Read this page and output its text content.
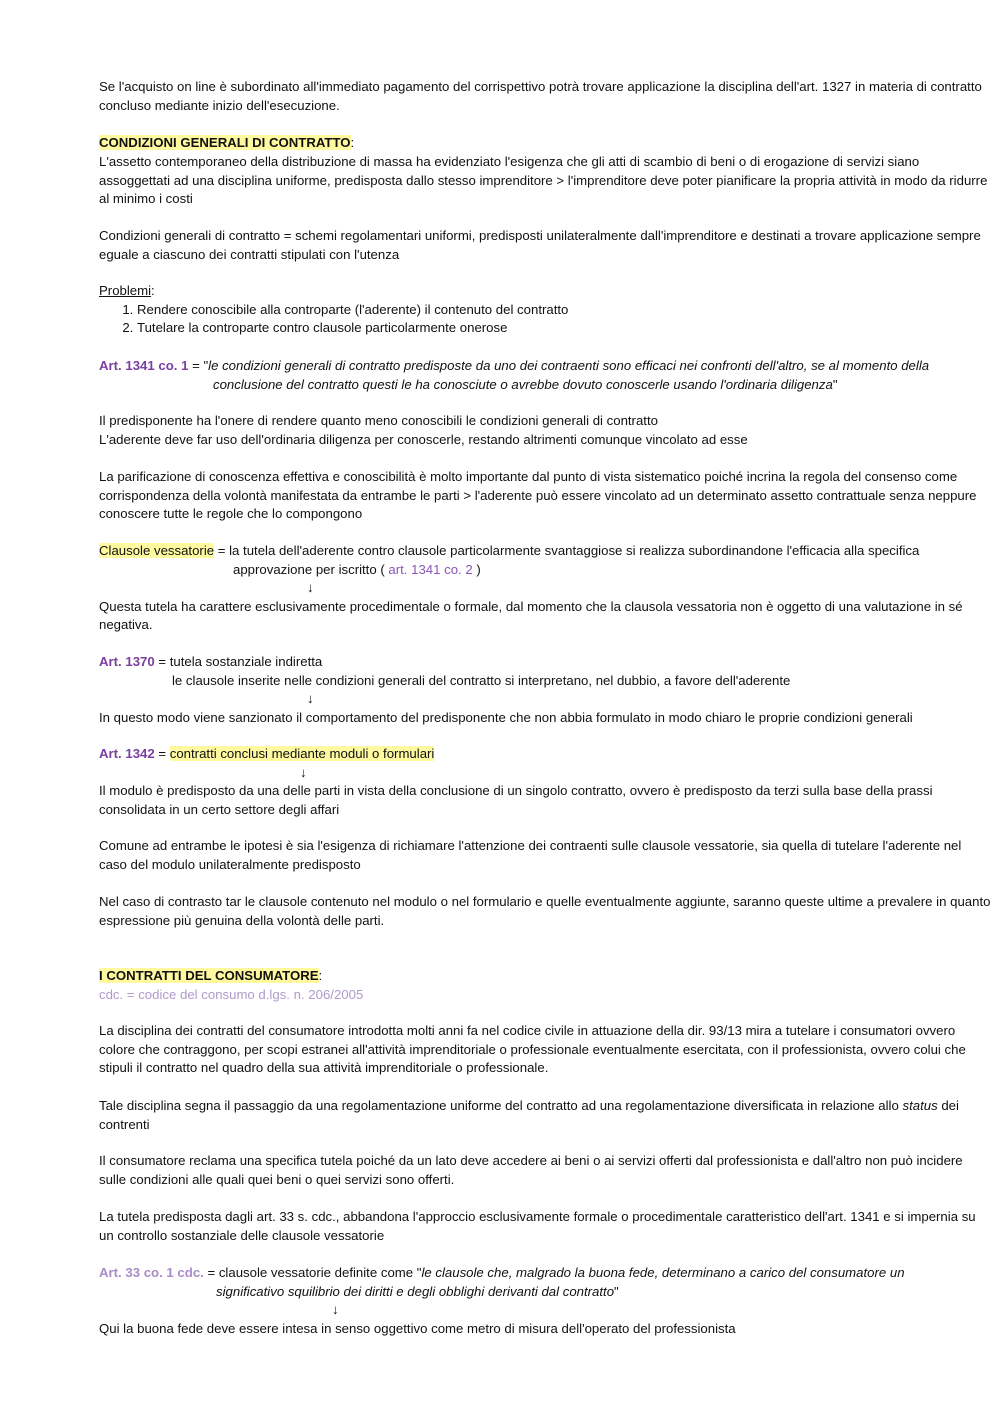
Se l'acquisto on line è subordinato all'immediato pagamento del corrispettivo potrà trovare applicazione la disciplina dell'art. 1327 in materia di contratto concluso mediante inizio dell'esecuzione.

CONDIZIONI GENERALI DI CONTRATTO:

L'assetto contemporaneo della distribuzione di massa ha evidenziato l'esigenza che gli atti di scambio di beni o di erogazione di servizi siano assoggettati ad una disciplina uniforme, predisposta dallo stesso imprenditore > l'imprenditore deve poter pianificare la propria attività in modo da ridurre al minimo i costi

Condizioni generali di contratto = schemi regolamentari uniformi, predisposti unilateralmente dall'imprenditore e destinati a trovare applicazione sempre eguale a ciascuno dei contratti stipulati con l'utenza

Problemi:
1. Rendere conoscibile alla controparte (l'aderente) il contenuto del contratto
2. Tutelare la controparte contro clausole particolarmente onerose
Art. 1341 co. 1 = "le condizioni generali di contratto predisposte da uno dei contraenti sono efficaci nei confronti dell'altro, se al momento della
conclusione del contratto questi le ha conosciute o avrebbe dovuto conoscerle usando l'ordinaria diligenza"
Il predisponente ha l'onere di rendere quanto meno conoscibili le condizioni generali di contratto
L'aderente deve far uso dell'ordinaria diligenza per conoscerle, restando altrimenti comunque vincolato ad esse

La parificazione di conoscenza effettiva e conoscibilità è molto importante dal punto di vista sistematico poiché incrina la regola del consenso come corrispondenza della volontà manifestata da entrambe le parti > l'aderente può essere vincolato ad un determinato assetto contrattuale senza neppure conoscere tutte le regole che lo compongono

Clausole vessatorie = la tutela dell'aderente contro clausole particolarmente svantaggiose si realizza subordinandone l'efficacia alla specifica
approvazione per iscritto ( art. 1341 co. 2 )
↓
Questa tutela ha carattere esclusivamente procedimentale o formale, dal momento che la clausola vessatoria non è oggetto di una valutazione in sé negativa.
Art. 1370 = tutela sostanziale indiretta
le clausole inserite nelle condizioni generali del contratto si interpretano, nel dubbio, a favore dell'aderente
↓
In questo modo viene sanzionato il comportamento del predisponente che non abbia formulato in modo chiaro le proprie condizioni generali
Art. 1342 = contratti conclusi mediante moduli o formulari
↓
Il modulo è predisposto da una delle parti in vista della conclusione di un singolo contratto, ovvero è predisposto da terzi sulla base della prassi consolidata in un certo settore degli affari

Comune ad entrambe le ipotesi è sia l'esigenza di richiamare l'attenzione dei contraenti sulle clausole vessatorie, sia quella di tutelare l'aderente nel caso del modulo unilateralmente predisposto

Nel caso di contrasto tar le clausole contenuto nel modulo o nel formulario e quelle eventualmente aggiunte, saranno queste ultime a prevalere in quanto espressione più genuina della volontà delle parti.

I CONTRATTI DEL CONSUMATORE:
cdc. = codice del consumo d.lgs. n. 206/2005

La disciplina dei contratti del consumatore introdotta molti anni fa nel codice civile in attuazione della dir. 93/13 mira a tutelare i consumatori ovvero colore che contraggono, per scopi estranei all'attività imprenditoriale o professionale eventualmente esercitata, con il professionista, ovvero colui che stipuli il contratto nel quadro della sua attività imprenditoriale o professionale.

Tale disciplina segna il passaggio da una regolamentazione uniforme del contratto ad una regolamentazione diversificata in relazione allo status dei contrenti

Il consumatore reclama una specifica tutela poiché da un lato deve accedere ai beni o ai servizi offerti dal professionista e dall'altro non può incidere sulle condizioni alle quali quei beni o quei servizi sono offerti.

La tutela predisposta dagli art. 33 s. cdc., abbandona l'approccio esclusivamente formale o procedimentale caratteristico dell'art. 1341 e si impernia su un controllo sostanziale delle clausole vessatorie

Art. 33 co. 1 cdc. = clausole vessatorie definite come "le clausole che, malgrado la buona fede, determinano a carico del consumatore un
significativo squilibrio dei diritti e degli obblighi derivanti dal contratto"
↓
Qui la buona fede deve essere intesa in senso oggettivo come metro di misura dell'operato del professionista
